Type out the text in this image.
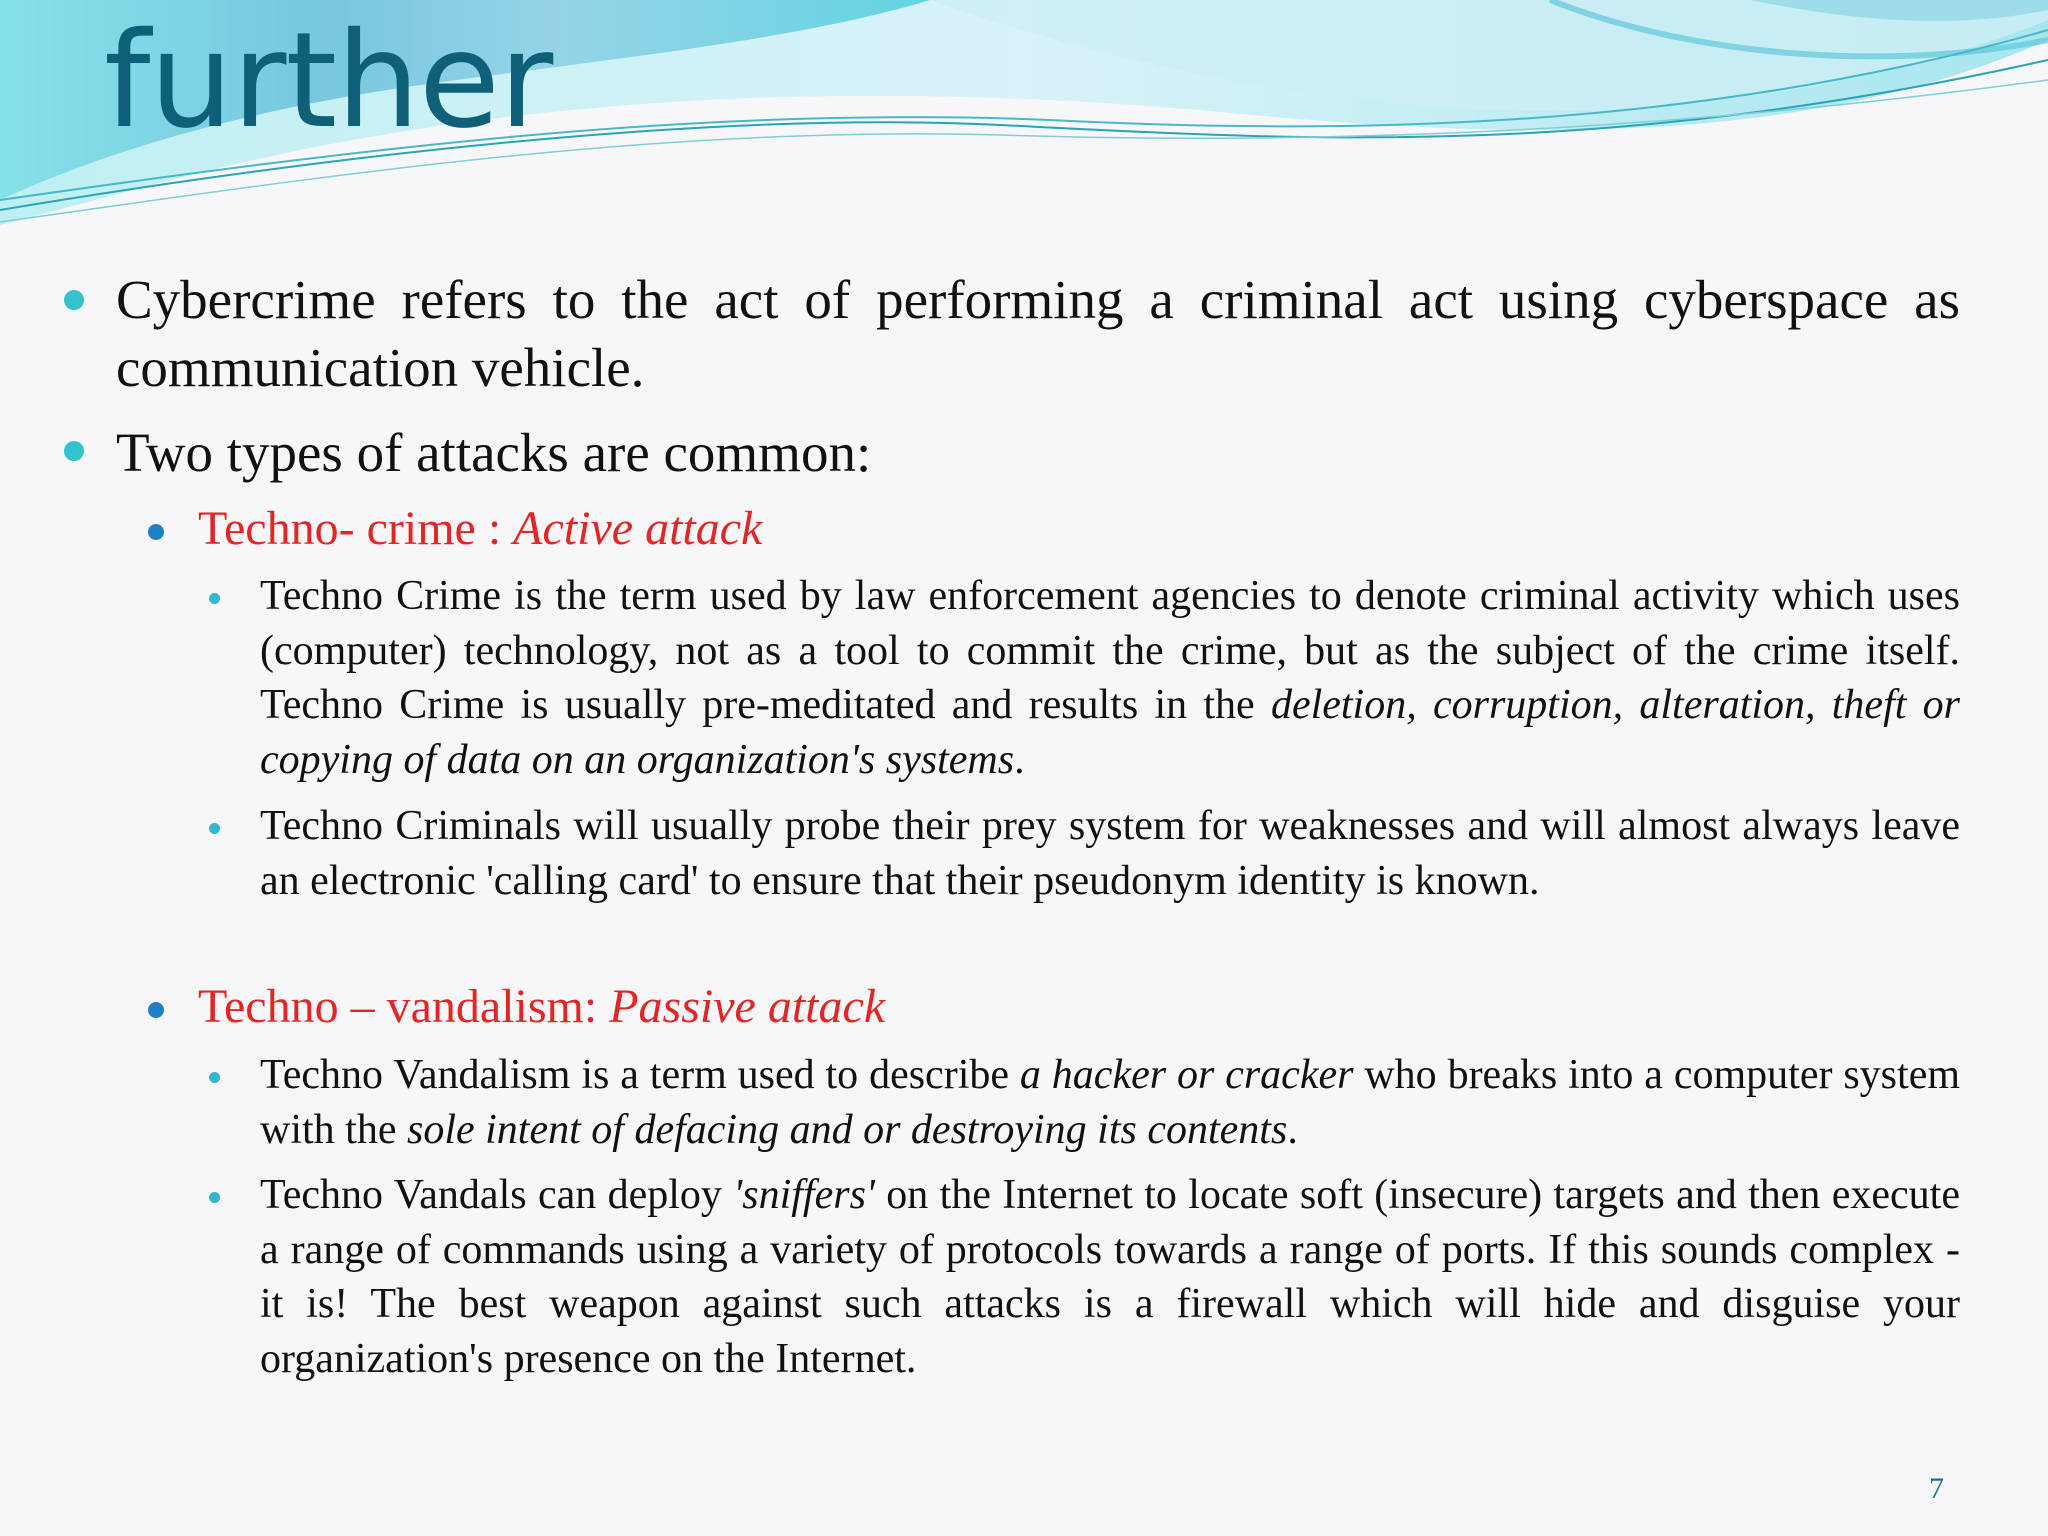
further

Cybercrime refers to the act of performing a criminal act using cyberspace as communication vehicle.

Two types of attacks are common:

Techno- crime : Active attack

Techno Crime is the term used by law enforcement agencies to denote criminal activity which uses (computer) technology, not as a tool to commit the crime, but as the subject of the crime itself. Techno Crime is usually pre-meditated and results in the deletion, corruption, alteration, theft or copying of data on an organization's systems.

Techno Criminals will usually probe their prey system for weaknesses and will almost always leave an electronic 'calling card' to ensure that their pseudonym identity is known.

Techno – vandalism: Passive attack

Techno Vandalism is a term used to describe a hacker or cracker who breaks into a computer system with the sole intent of defacing and or destroying its contents.

Techno Vandals can deploy 'sniffers' on the Internet to locate soft (insecure) targets and then execute a range of commands using a variety of protocols towards a range of ports. If this sounds complex - it is! The best weapon against such attacks is a firewall which will hide and disguise your organization's presence on the Internet.

7
